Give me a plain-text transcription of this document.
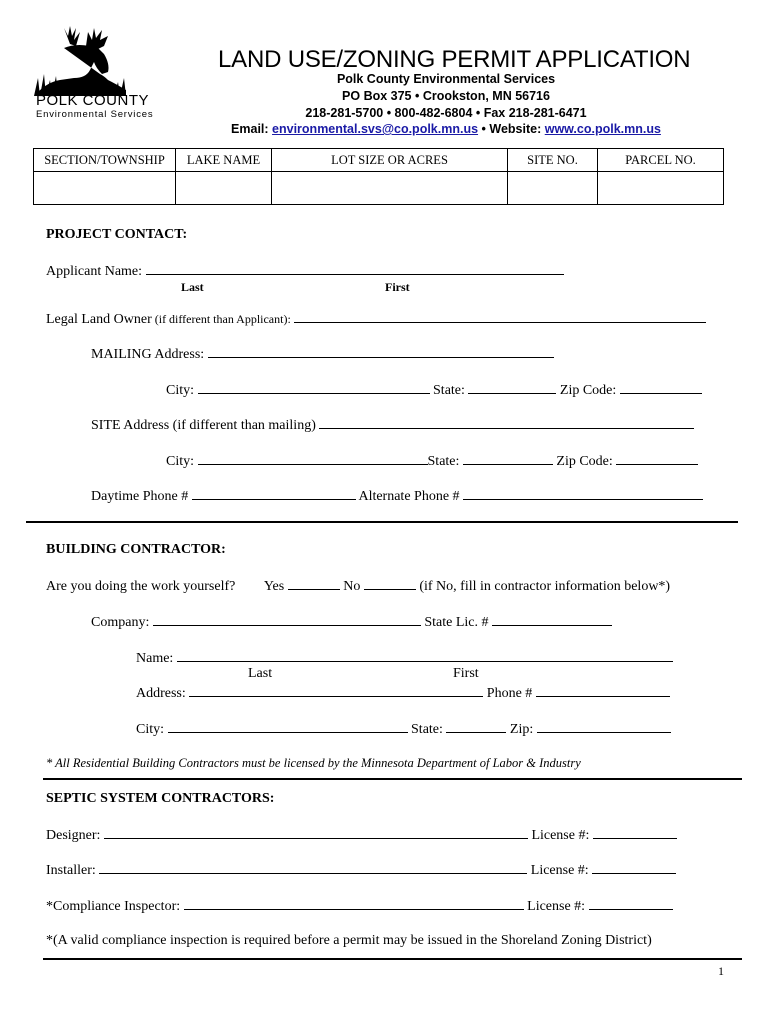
POLK COUNTY
Environmental Services
LAND USE/ZONING PERMIT APPLICATION
Polk County Environmental Services
PO Box 375 • Crookston, MN 56716
218-281-5700 • 800-482-6804 • Fax 218-281-6471
Email: environmental.svs@co.polk.mn.us • Website: www.co.polk.mn.us
SECTION/TOWNSHIP	LAKE NAME	LOT SIZE OR ACRES	SITE NO.	PARCEL NO.

PROJECT CONTACT:
Applicant Name:
Last	First
Legal Land Owner (if different than Applicant):
MAILING Address:
City:	State:	Zip Code:
SITE Address (if different than mailing)
City:	State:	Zip Code:
Daytime Phone #	Alternate Phone #
BUILDING CONTRACTOR:
Are you doing the work yourself? Yes	No	(if No, fill in contractor information below*)
Company:	State Lic. #
Name:
Last	First
Address:	Phone #
City:	State:	Zip:
* All Residential Building Contractors must be licensed by the Minnesota Department of Labor & Industry
SEPTIC SYSTEM CONTRACTORS:
Designer:	License #:
Installer:	License #:
*Compliance Inspector:	License #:
*(A valid compliance inspection is required before a permit may be issued in the Shoreland Zoning District)
1
